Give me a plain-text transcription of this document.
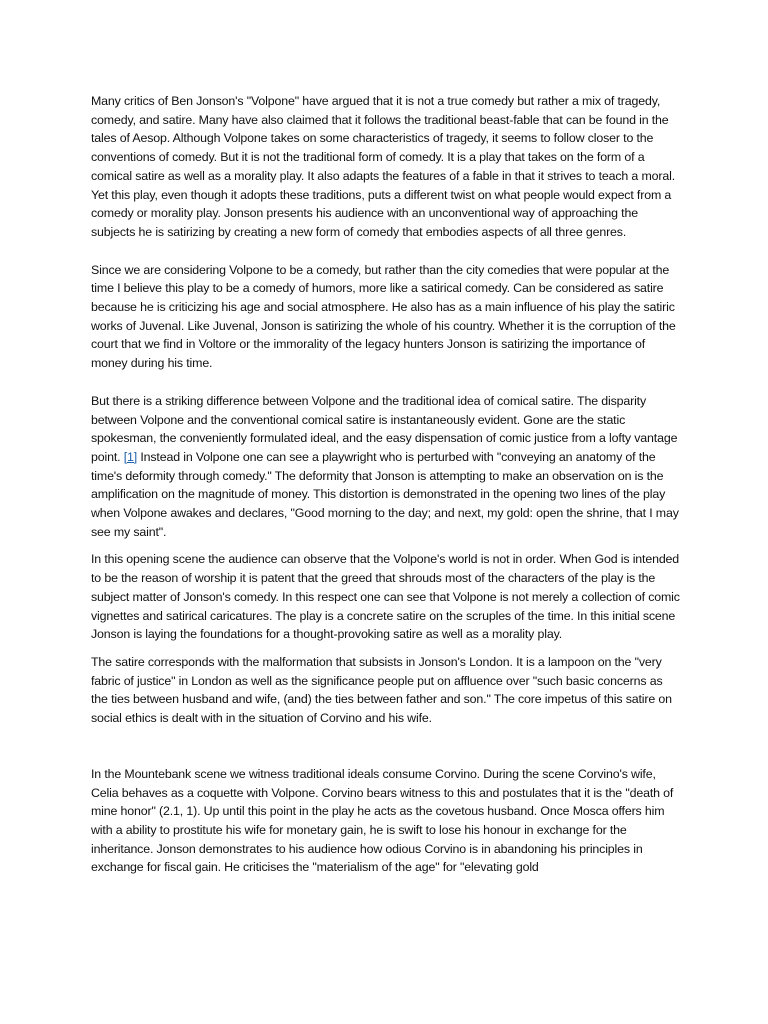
Many critics of Ben Jonson's "Volpone" have argued that it is not a true comedy but rather a mix of tragedy, comedy, and satire. Many have also claimed that it follows the traditional beast-fable that can be found in the tales of Aesop. Although Volpone takes on some characteristics of tragedy, it seems to follow closer to the conventions of comedy. But it is not the traditional form of comedy. It is a play that takes on the form of a comical satire as well as a morality play. It also adapts the features of a fable in that it strives to teach a moral. Yet this play, even though it adopts these traditions, puts a different twist on what people would expect from a comedy or morality play. Jonson presents his audience with an unconventional way of approaching the subjects he is satirizing by creating a new form of comedy that embodies aspects of all three genres.

Since we are considering Volpone to be a comedy, but rather than the city comedies that were popular at the time I believe this play to be a comedy of humors, more like a satirical comedy. Can be considered as satire because he is criticizing his age and social atmosphere. He also has as a main influence of his play the satiric works of Juvenal. Like Juvenal, Jonson is satirizing the whole of his country. Whether it is the corruption of the court that we find in Voltore or the immorality of the legacy hunters Jonson is satirizing the importance of money during his time.

But there is a striking difference between Volpone and the traditional idea of comical satire. The disparity between Volpone and the conventional comical satire is instantaneously evident. Gone are the static spokesman, the conveniently formulated ideal, and the easy dispensation of comic justice from a lofty vantage point. [1] Instead in Volpone one can see a playwright who is perturbed with "conveying an anatomy of the time's deformity through comedy." The deformity that Jonson is attempting to make an observation on is the amplification on the magnitude of money. This distortion is demonstrated in the opening two lines of the play when Volpone awakes and declares, "Good morning to the day; and next, my gold: open the shrine, that I may see my saint".

In this opening scene the audience can observe that the Volpone's world is not in order. When God is intended to be the reason of worship it is patent that the greed that shrouds most of the characters of the play is the subject matter of Jonson's comedy. In this respect one can see that Volpone is not merely a collection of comic vignettes and satirical caricatures. The play is a concrete satire on the scruples of the time. In this initial scene Jonson is laying the foundations for a thought-provoking satire as well as a morality play.

The satire corresponds with the malformation that subsists in Jonson's London. It is a lampoon on the "very fabric of justice" in London as well as the significance people put on affluence over "such basic concerns as the ties between husband and wife, (and) the ties between father and son." The core impetus of this satire on social ethics is dealt with in the situation of Corvino and his wife.

In the Mountebank scene we witness traditional ideals consume Corvino. During the scene Corvino's wife, Celia behaves as a coquette with Volpone. Corvino bears witness to this and postulates that it is the "death of mine honor" (2.1, 1). Up until this point in the play he acts as the covetous husband. Once Mosca offers him with a ability to prostitute his wife for monetary gain, he is swift to lose his honour in exchange for the inheritance. Jonson demonstrates to his audience how odious Corvino is in abandoning his principles in exchange for fiscal gain. He criticises the "materialism of the age" for "elevating gold
